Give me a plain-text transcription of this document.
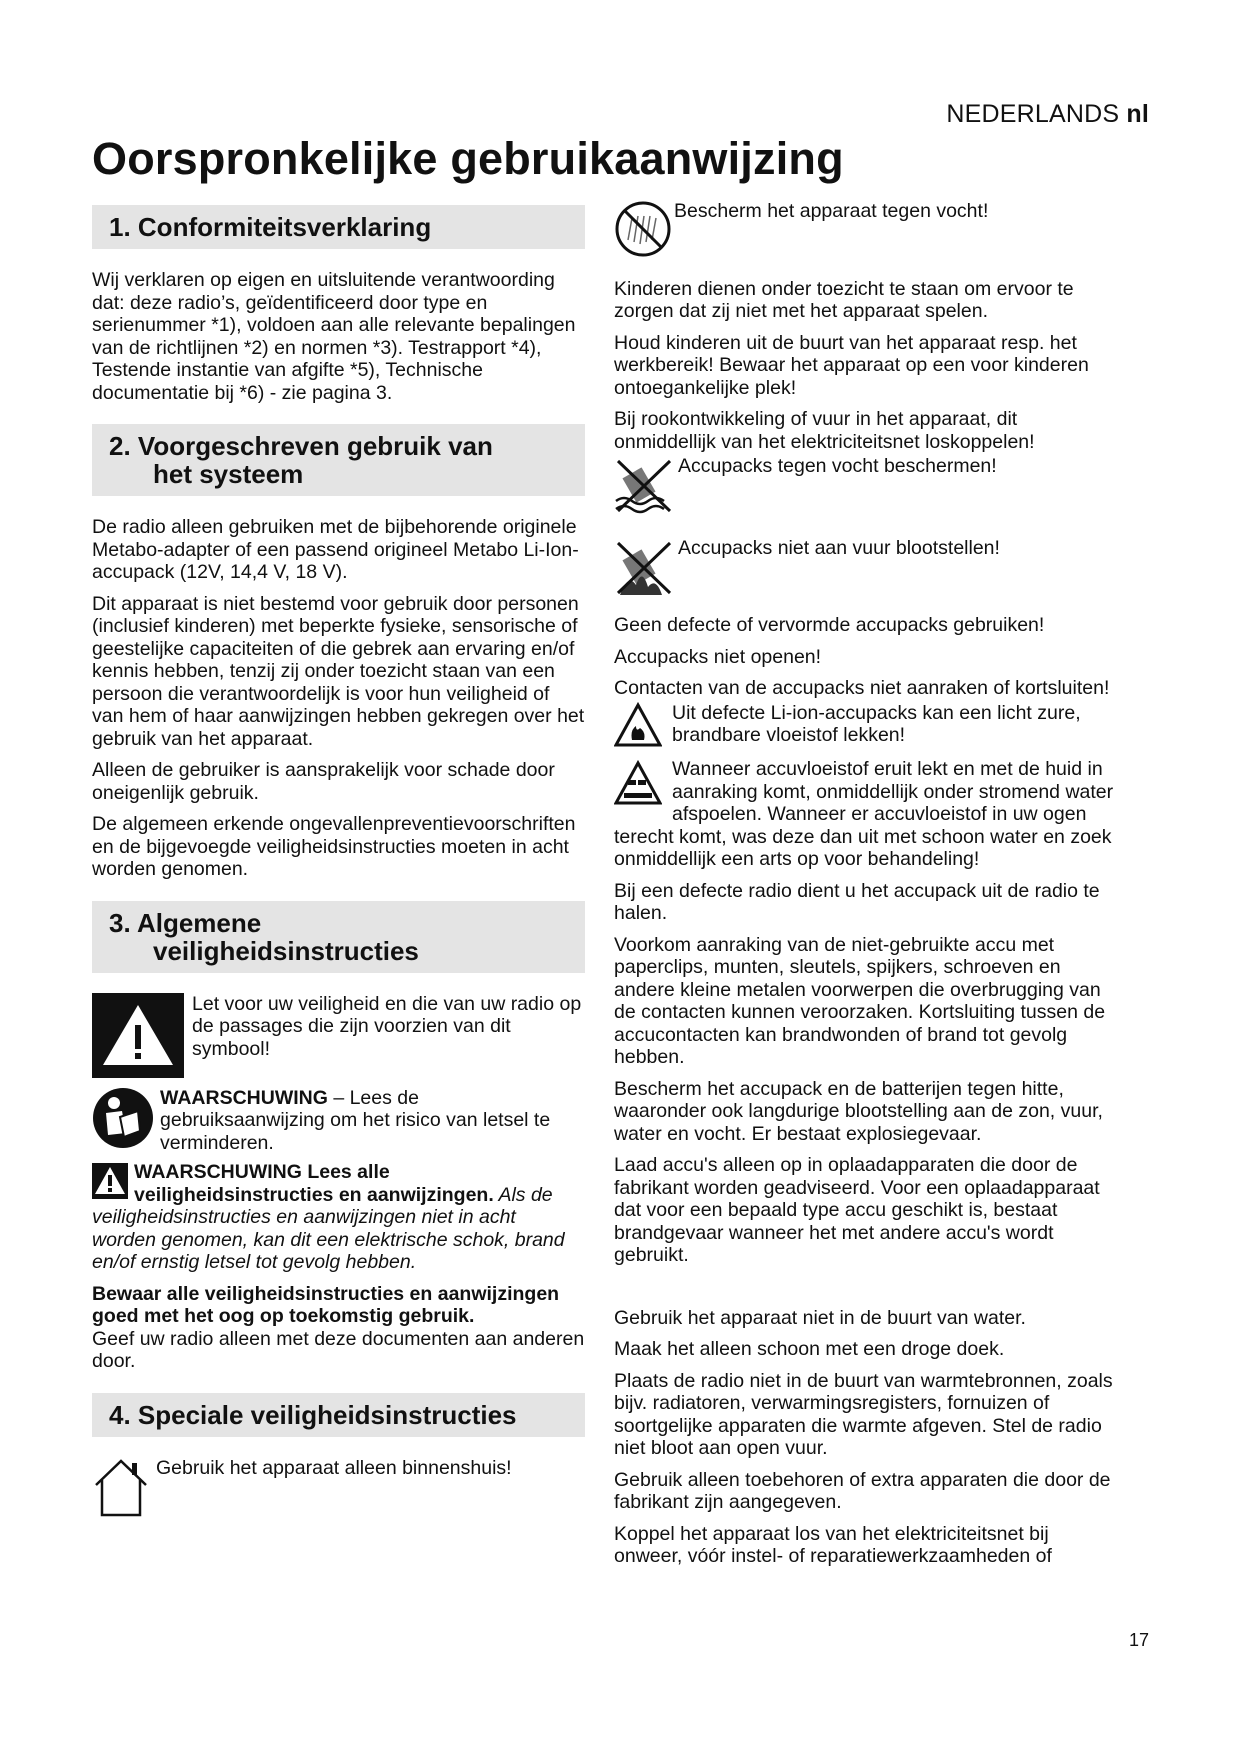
NEDERLANDS nl
Oorspronkelijke gebruikaanwijzing
1. Conformiteitsverklaring

Wij verklaren op eigen en uitsluitende verantwoording dat: deze radio’s, geïdentificeerd door type en serienummer *1), voldoen aan alle relevante bepalingen van de richtlijnen *2) en normen *3). Testrapport *4), Testende instantie van afgifte *5), Technische documentatie bij *6) - zie pagina 3.

2. Voorgeschreven gebruik van
het systeem

De radio alleen gebruiken met de bijbehorende originele Metabo-adapter of een passend origineel Metabo Li-Ion-accupack (12V, 14,4 V, 18 V).

Dit apparaat is niet bestemd voor gebruik door personen (inclusief kinderen) met beperkte fysieke, sensorische of geestelijke capaciteiten of die gebrek aan ervaring en/of kennis hebben, tenzij zij onder toezicht staan van een persoon die verantwoordelijk is voor hun veiligheid of van hem of haar aanwijzingen hebben gekregen over het gebruik van het apparaat.

Alleen de gebruiker is aansprakelijk voor schade door oneigenlijk gebruik.

De algemeen erkende ongevallenpreventievoorschriften en de bijgevoegde veiligheidsinstructies moeten in acht worden genomen.

3. Algemene
veiligheidsinstructies
Let voor uw veiligheid en die van uw radio op de passages die zijn voorzien van dit symbool!
WAARSCHUWING – Lees de gebruiksaanwijzing om het risico van letsel te verminderen.

WAARSCHUWING Lees alle veiligheidsinstructies en aanwijzingen. Als de veiligheidsinstructies en aanwijzingen niet in acht worden genomen, kan dit een elektrische schok, brand en/of ernstig letsel tot gevolg hebben.

Bewaar alle veiligheidsinstructies en aanwijzingen goed met het oog op toekomstig gebruik.

Geef uw radio alleen met deze documenten aan anderen door.

4. Speciale veiligheidsinstructies
Gebruik het apparaat alleen binnenshuis!
Bescherm het apparaat tegen vocht!

Kinderen dienen onder toezicht te staan om ervoor te zorgen dat zij niet met het apparaat spelen.

Houd kinderen uit de buurt van het apparaat resp. het werkbereik! Bewaar het apparaat op een voor kinderen ontoegankelijke plek!

Bij rookontwikkeling of vuur in het apparaat, dit onmiddellijk van het elektriciteitsnet loskoppelen!

Accupacks tegen vocht beschermen!
Accupacks niet aan vuur blootstellen!

Geen defecte of vervormde accupacks gebruiken!

Accupacks niet openen!

Contacten van de accupacks niet aanraken of kortsluiten!

Uit defecte Li-ion-accupacks kan een licht zure, brandbare vloeistof lekken!

Wanneer accuvloeistof eruit lekt en met de huid in aanraking komt, onmiddellijk onder stromend water afspoelen. Wanneer er accuvloeistof in uw ogen terecht komt, was deze dan uit met schoon water en zoek onmiddellijk een arts op voor behandeling!

Bij een defecte radio dient u het accupack uit de radio te halen.

Voorkom aanraking van de niet-gebruikte accu met paperclips, munten, sleutels, spijkers, schroeven en andere kleine metalen voorwerpen die overbrugging van de contacten kunnen veroorzaken. Kortsluiting tussen de accucontacten kan brandwonden of brand tot gevolg hebben.

Bescherm het accupack en de batterijen tegen hitte, waaronder ook langdurige blootstelling aan de zon, vuur, water en vocht. Er bestaat explosiegevaar.

Laad accu's alleen op in oplaadapparaten die door de fabrikant worden geadviseerd. Voor een oplaadapparaat dat voor een bepaald type accu geschikt is, bestaat brandgevaar wanneer het met andere accu's wordt gebruikt.

Gebruik het apparaat niet in de buurt van water.

Maak het alleen schoon met een droge doek.

Plaats de radio niet in de buurt van warmtebronnen, zoals bijv. radiatoren, verwarmingsregisters, fornuizen of soortgelijke apparaten die warmte afgeven. Stel de radio niet bloot aan open vuur.

Gebruik alleen toebehoren of extra apparaten die door de fabrikant zijn aangegeven.

Koppel het apparaat los van het elektriciteitsnet bij onweer, vóór instel- of reparatiewerkzaamheden of

17
